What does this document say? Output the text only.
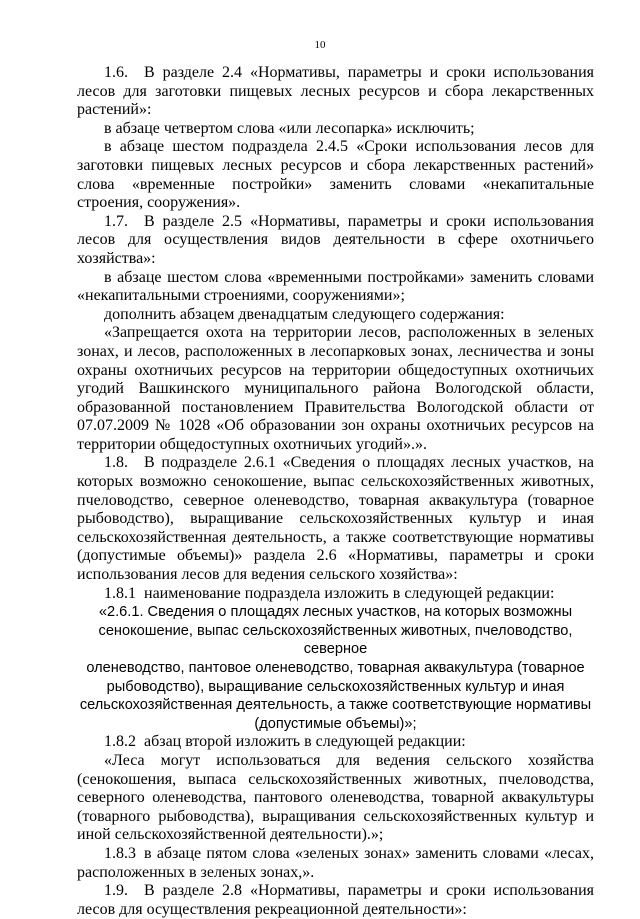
10

1.6. В разделе 2.4 «Нормативы, параметры и сроки использования лесов для заготовки пищевых лесных ресурсов и сбора лекарственных растений»:

в абзаце четвертом слова «или лесопарка» исключить;

в абзаце шестом подраздела 2.4.5 «Сроки использования лесов для заготовки пищевых лесных ресурсов и сбора лекарственных растений» слова «временные постройки» заменить словами «некапитальные строения, сооружения».

1.7. В разделе 2.5 «Нормативы, параметры и сроки использования лесов для осуществления видов деятельности в сфере охотничьего хозяйства»:

в абзаце шестом слова «временными постройками» заменить словами «некапитальными строениями, сооружениями»;

дополнить абзацем двенадцатым следующего содержания:

«Запрещается охота на территории лесов, расположенных в зеленых зонах, и лесов, расположенных в лесопарковых зонах, лесничества и зоны охраны охотничьих ресурсов на территории общедоступных охотничьих угодий Вашкинского муниципального района Вологодской области, образованной постановлением Правительства Вологодской области от 07.07.2009 № 1028 «Об образовании зон охраны охотничьих ресурсов на территории общедоступных охотничьих угодий».».

1.8. В подразделе 2.6.1 «Сведения о площадях лесных участков, на которых возможно сенокошение, выпас сельскохозяйственных животных, пчеловодство, северное оленеводство, товарная аквакультура (товарное рыбоводство), выращивание сельскохозяйственных культур и иная сельскохозяйственная деятельность, а также соответствующие нормативы (допустимые объемы)» раздела 2.6 «Нормативы, параметры и сроки использования лесов для ведения сельского хозяйства»:

1.8.1 наименование подраздела изложить в следующей редакции:

«2.6.1. Сведения о площадях лесных участков, на которых возможны

сенокошение, выпас сельскохозяйственных животных, пчеловодство, северное

оленеводство, пантовое оленеводство, товарная аквакультура (товарное

рыбоводство), выращивание сельскохозяйственных культур и иная

сельскохозяйственная деятельность, а также соответствующие нормативы

(допустимые объемы)»;

1.8.2 абзац второй изложить в следующей редакции:

«Леса могут использоваться для ведения сельского хозяйства (сенокошения, выпаса сельскохозяйственных животных, пчеловодства, северного оленеводства, пантового оленеводства, товарной аквакультуры (товарного рыбоводства), выращивания сельскохозяйственных культур и иной сельскохозяйственной деятельности).»;

1.8.3 в абзаце пятом слова «зеленых зонах» заменить словами «лесах, расположенных в зеленых зонах,».

1.9. В разделе 2.8 «Нормативы, параметры и сроки использования лесов для осуществления рекреационной деятельности»:
